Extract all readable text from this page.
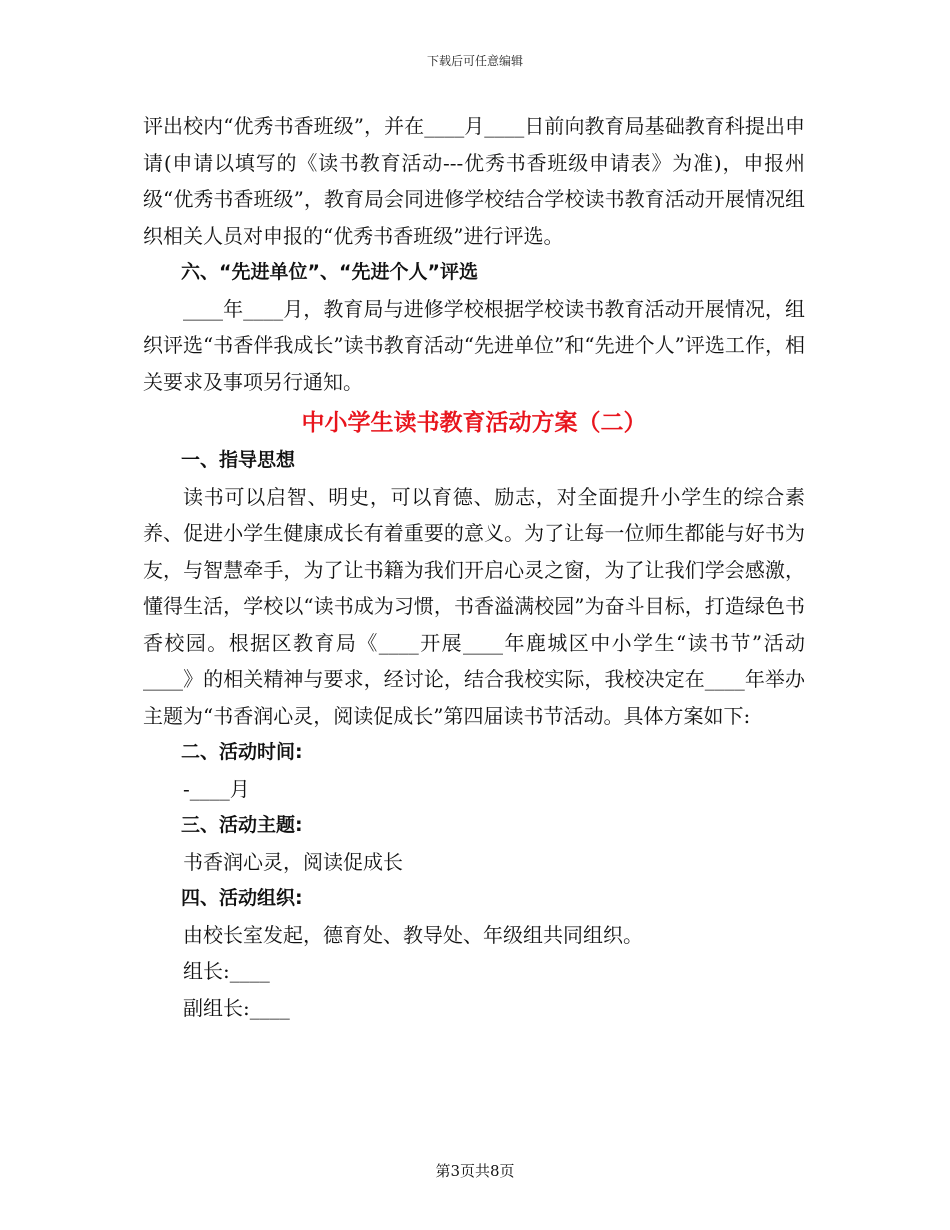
下载后可任意编辑

评出校内“优秀书香班级”，并在____月____日前向教育局基础教育科提出申请(申请以填写的《读书教育活动---优秀书香班级申请表》为准)，申报州级“优秀书香班级”，教育局会同进修学校结合学校读书教育活动开展情况组织相关人员对申报的“优秀书香班级”进行评选。

六、“先进单位”、“先进个人”评选

____年____月，教育局与进修学校根据学校读书教育活动开展情况，组织评选“书香伴我成长”读书教育活动“先进单位”和“先进个人”评选工作，相关要求及事项另行通知。

中小学生读书教育活动方案（二）

一、指导思想

读书可以启智、明史，可以育德、励志，对全面提升小学生的综合素养、促进小学生健康成长有着重要的意义。为了让每一位师生都能与好书为友，与智慧牵手，为了让书籍为我们开启心灵之窗，为了让我们学会感激，懂得生活，学校以“读书成为习惯，书香溢满校园”为奋斗目标，打造绿色书香校园。根据区教育局《____开展____年鹿城区中小学生“读书节”活动____》的相关精神与要求，经讨论，结合我校实际，我校决定在____年举办主题为“书香润心灵，阅读促成长”第四届读书节活动。具体方案如下:

二、活动时间:

-____月

三、活动主题:

书香润心灵，阅读促成长

四、活动组织:

由校长室发起，德育处、教导处、年级组共同组织。

组长:____

副组长:____

第3页共8页
